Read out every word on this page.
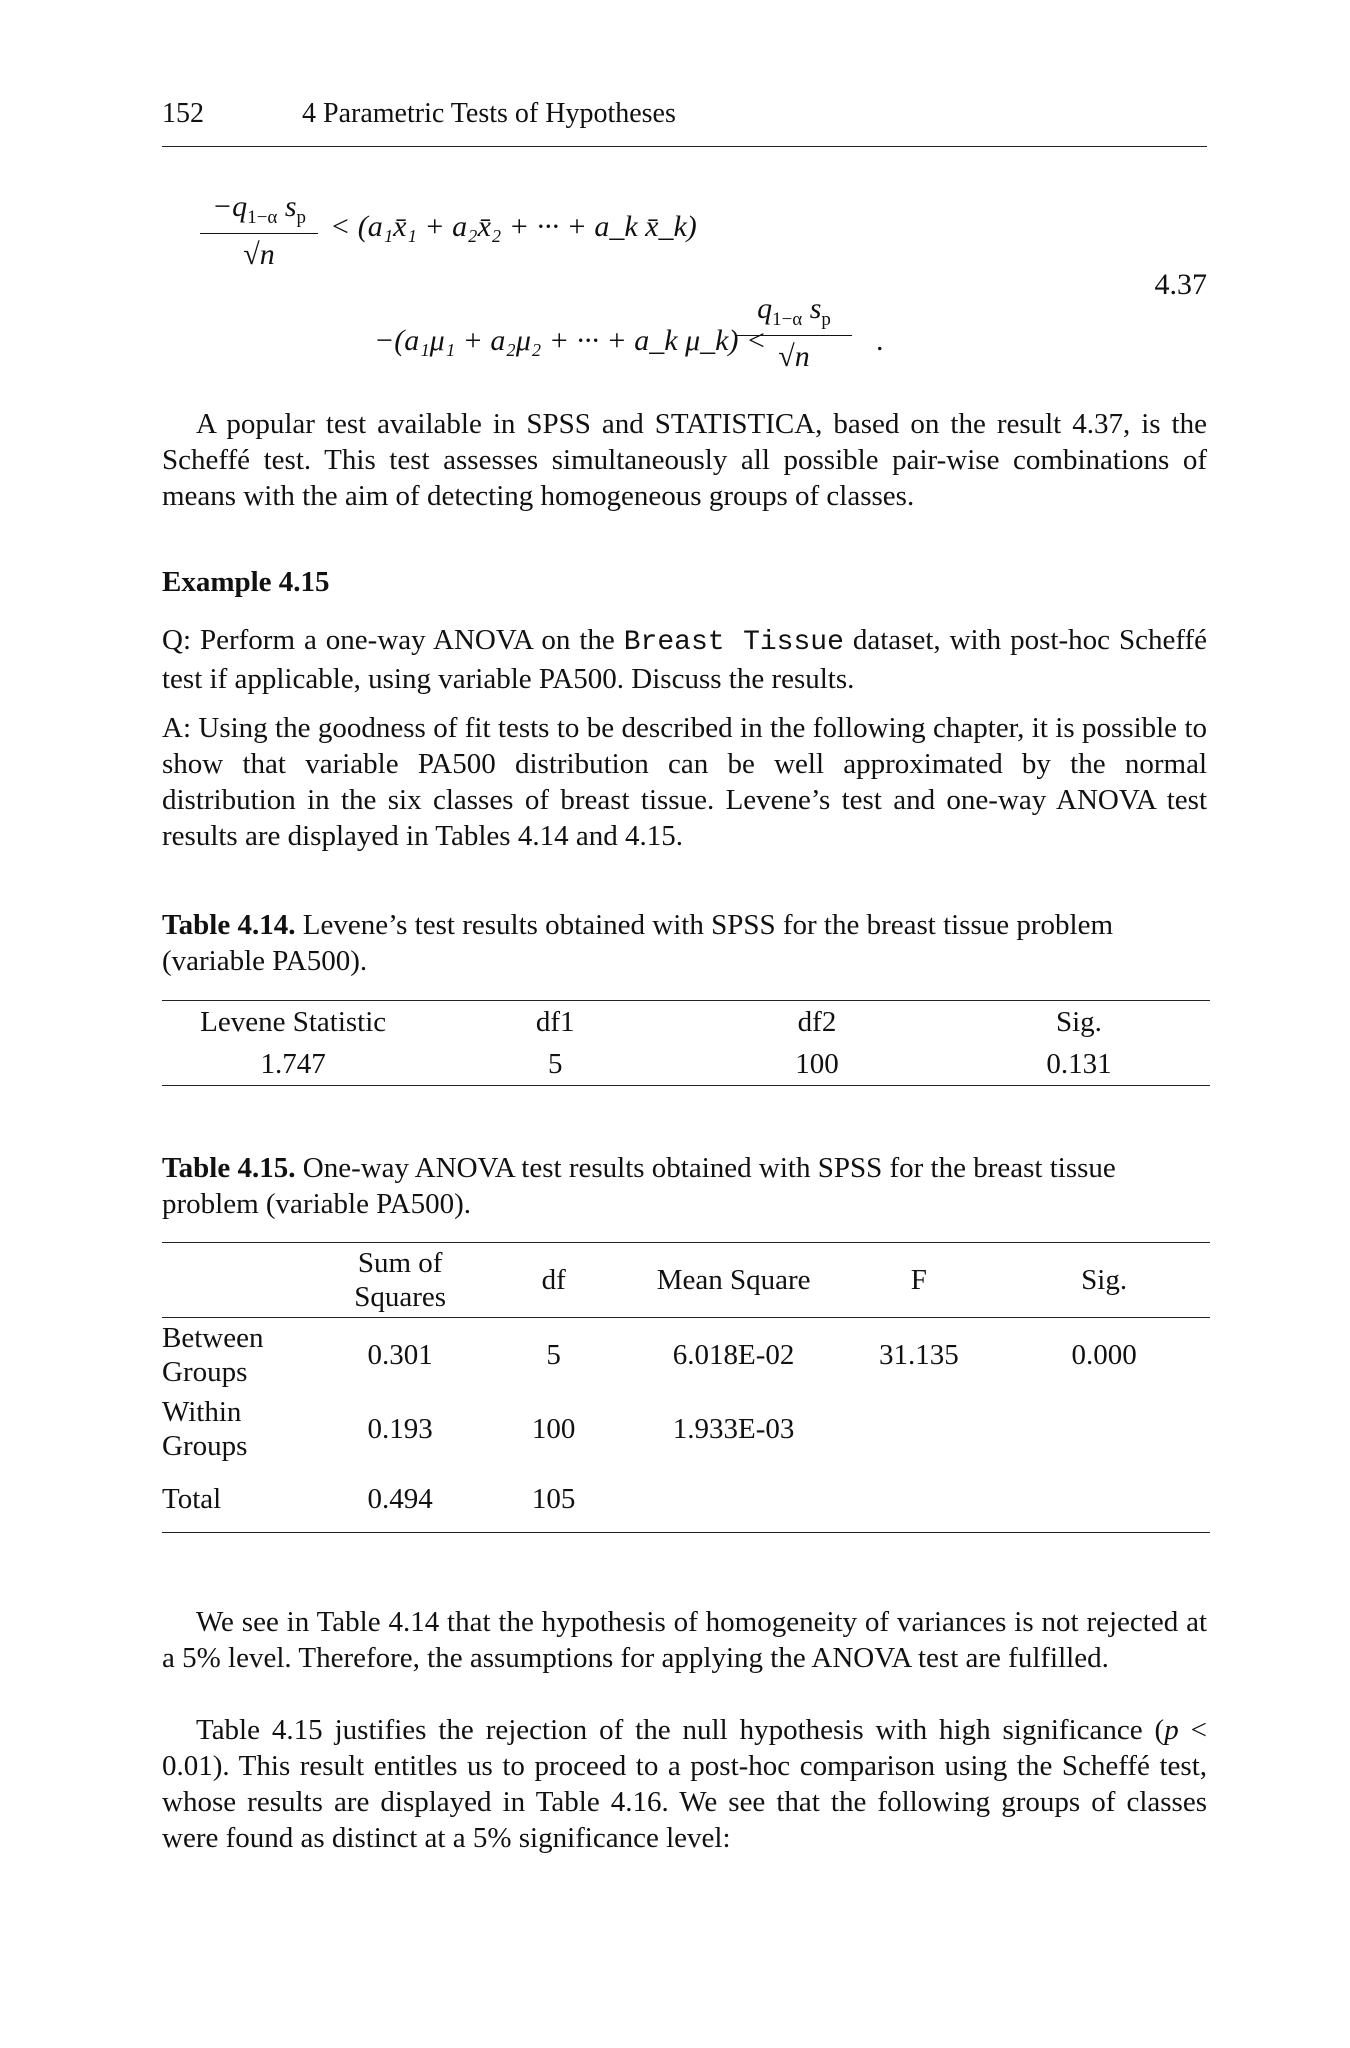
152	4 Parametric Tests of Hypotheses
$-q_{1-\alpha}$ $s_p$
√n
< (a₁x̄₁ + a₂x̄₂ + ··· + a_k x̄_k)
−(a₁μ₁ + a₂μ₂ + ··· + a_k μ_k) <
$q_{1-\alpha}$ $s_p$
√n	.
4.37

A popular test available in SPSS and STATISTICA, based on the result 4.37, is the Scheffé test. This test assesses simultaneously all possible pair-wise combinations of means with the aim of detecting homogeneous groups of classes.

Example 4.15

Q: Perform a one-way ANOVA on the Breast Tissue dataset, with post-hoc Scheffé test if applicable, using variable PA500. Discuss the results.

A: Using the goodness of fit tests to be described in the following chapter, it is possible to show that variable PA500 distribution can be well approximated by the normal distribution in the six classes of breast tissue. Levene’s test and one-way ANOVA test results are displayed in Tables 4.14 and 4.15.

Table 4.14. Levene’s test results obtained with SPSS for the breast tissue problem (variable PA500).

Levene Statistic	df1	df2	Sig.
1.747	5	100	0.131

Table 4.15. One-way ANOVA test results obtained with SPSS for the breast tissue problem (variable PA500).

	Sum of Squares	df	Mean Square	F	Sig.
Between Groups	0.301	5	6.018E-02	31.135	0.000
Within Groups	0.193	100	1.933E-03		
Total	0.494	105			

We see in Table 4.14 that the hypothesis of homogeneity of variances is not rejected at a 5% level. Therefore, the assumptions for applying the ANOVA test are fulfilled.

Table 4.15 justifies the rejection of the null hypothesis with high significance (p < 0.01). This result entitles us to proceed to a post-hoc comparison using the Scheffé test, whose results are displayed in Table 4.16. We see that the following groups of classes were found as distinct at a 5% significance level:
